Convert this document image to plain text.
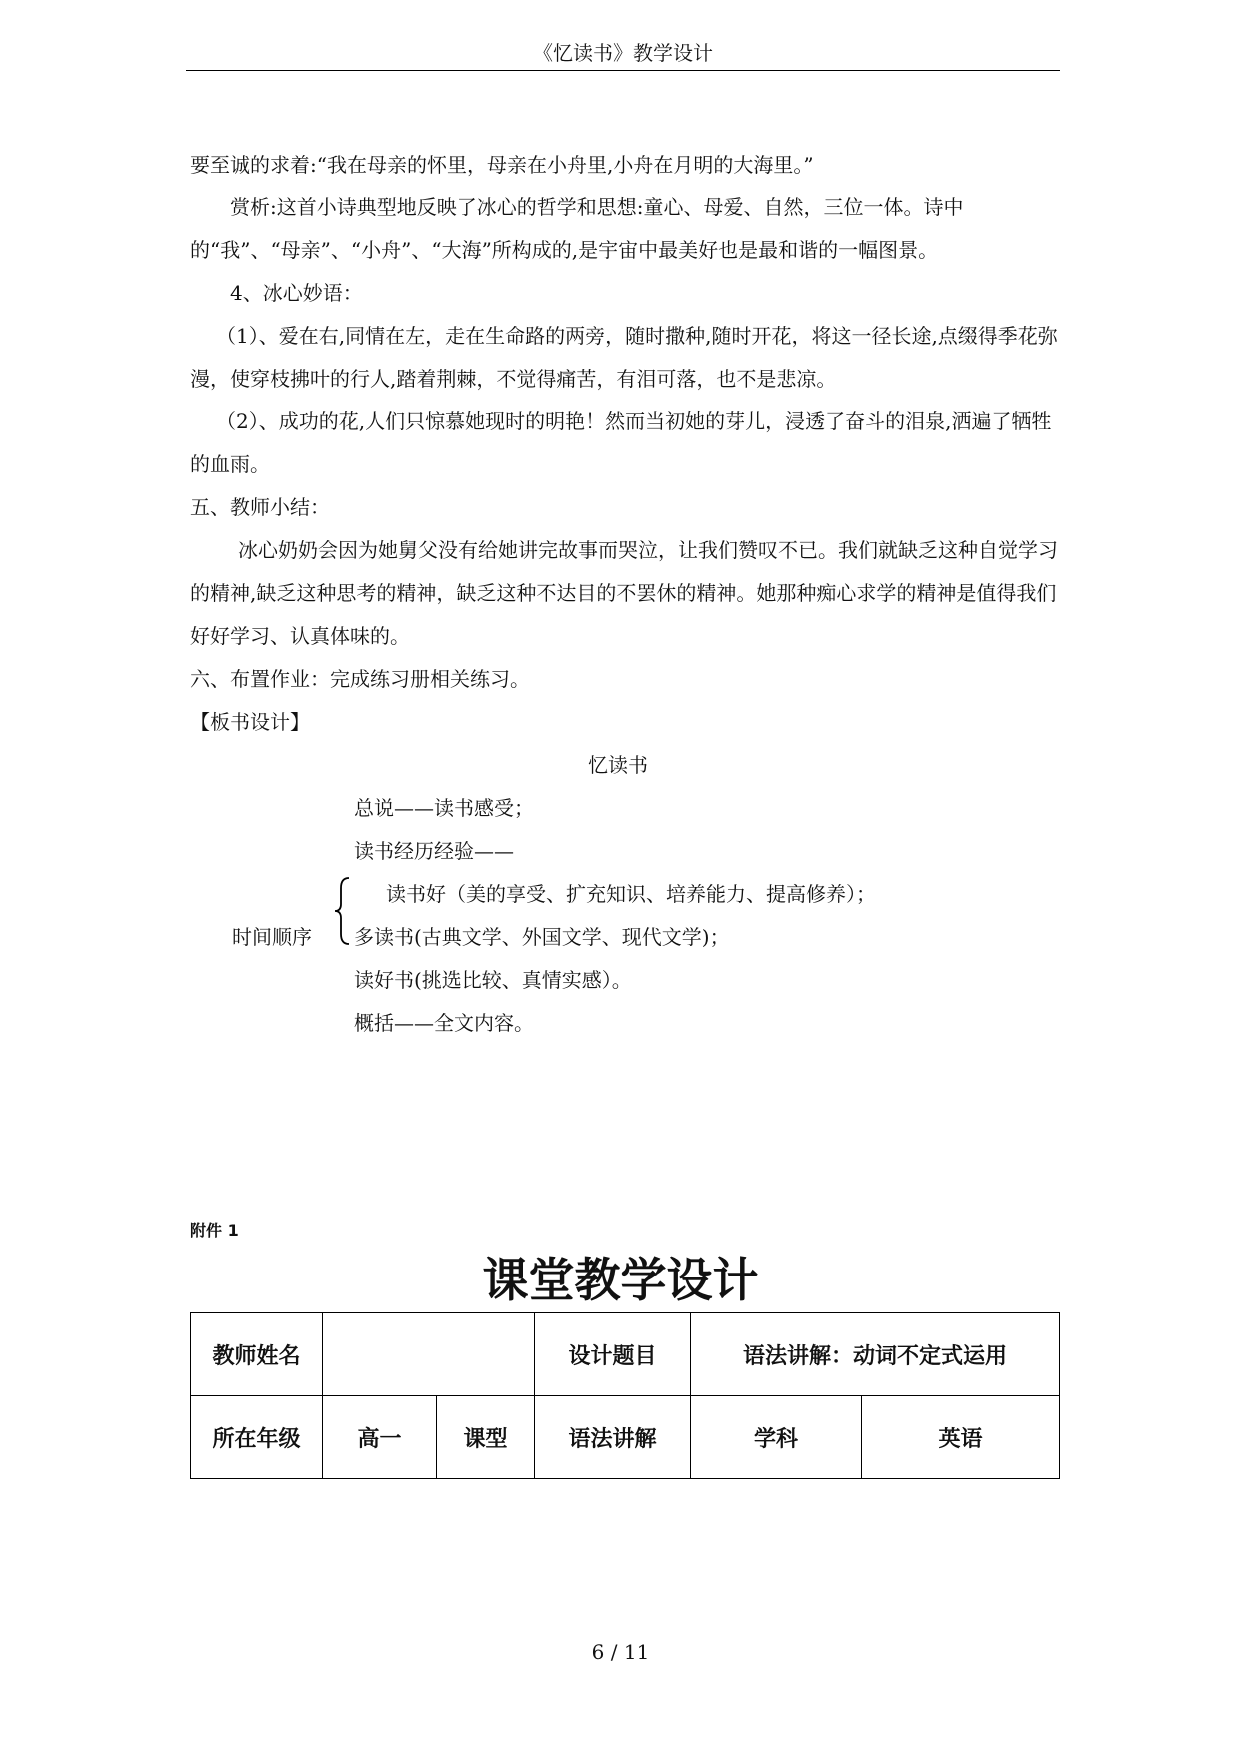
《忆读书》教学设计

要至诚的求着:“我在母亲的怀里，母亲在小舟里,小舟在月明的大海里。”

赏析:这首小诗典型地反映了冰心的哲学和思想:童心、母爱、自然，三位一体。诗中的“我”、“母亲”、“小舟”、“大海”所构成的,是宇宙中最美好也是最和谐的一幅图景。

4、冰心妙语：

（1）、爱在右,同情在左，走在生命路的两旁，随时撒种,随时开花，将这一径长途,点缀得季花弥漫，使穿枝拂叶的行人,踏着荆棘，不觉得痛苦，有泪可落，也不是悲凉。

（2）、成功的花,人们只惊慕她现时的明艳！然而当初她的芽儿，浸透了奋斗的泪泉,洒遍了牺牲的血雨。

五、教师小结：

冰心奶奶会因为她舅父没有给她讲完故事而哭泣，让我们赞叹不已。我们就缺乏这种自觉学习的精神,缺乏这种思考的精神，缺乏这种不达目的不罢休的精神。她那种痴心求学的精神是值得我们好好学习、认真体味的。

六、布置作业：完成练习册相关练习。

【板书设计】

忆读书
总说——读书感受；
读书经历经验——
读书好（美的享受、扩充知识、培养能力、提高修养）；
时间顺序 多读书(古典文学、外国文学、现代文学)；
读好书(挑选比较、真情实感）。
概括——全文内容。
附件 1
课堂教学设计
教师姓名			设计题目	语法讲解：动词不定式运用	
所在年级	高一	课型	语法讲解	学科	英语
6 / 11
